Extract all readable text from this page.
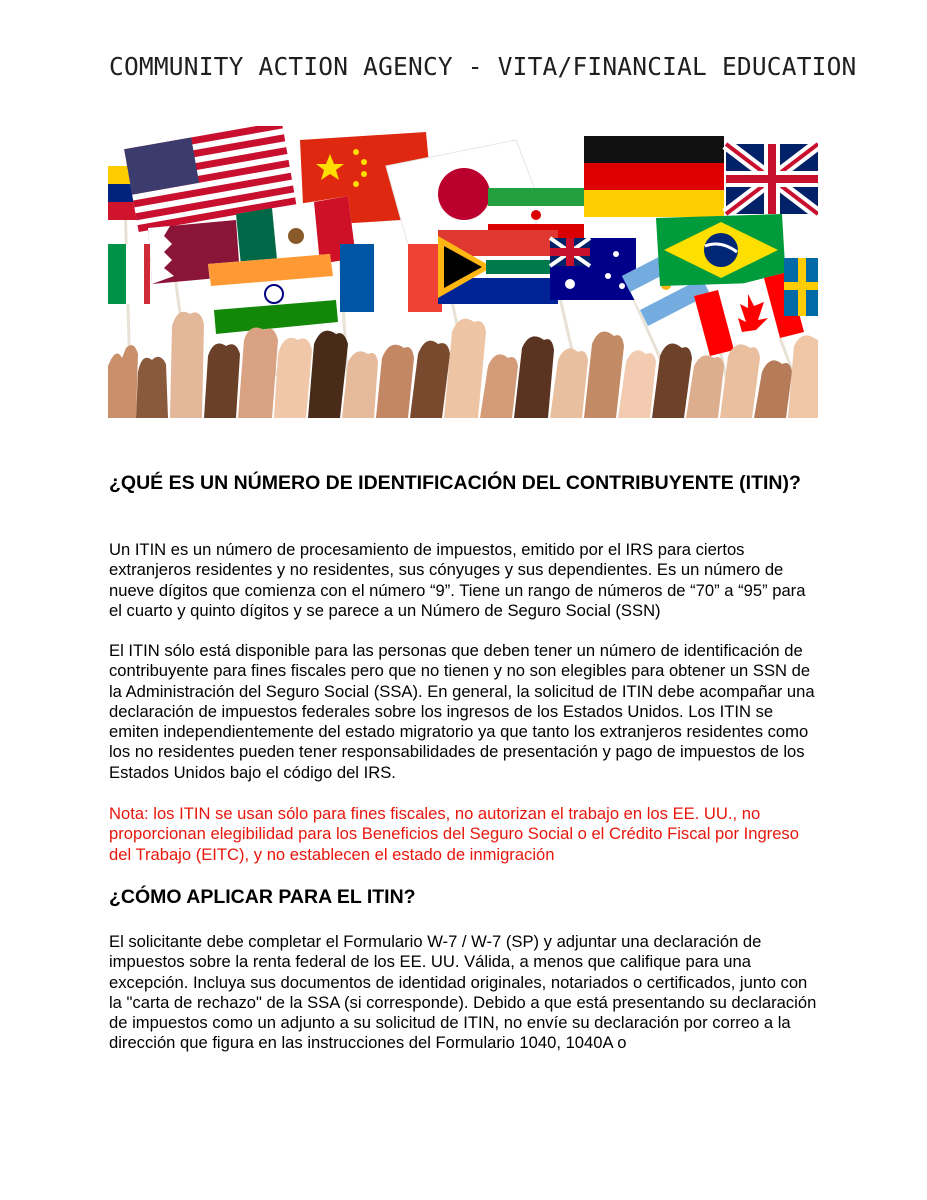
COMMUNITY ACTION AGENCY - VITA/FINANCIAL EDUCATION
¿QUÉ ES UN NÚMERO DE IDENTIFICACIÓN DEL CONTRIBUYENTE (ITIN)?

Un ITIN es un número de procesamiento de impuestos, emitido por el IRS para ciertos extranjeros residentes y no residentes, sus cónyuges y sus dependientes. Es un número de nueve dígitos que comienza con el número “9”. Tiene un rango de números de “70” a “95” para el cuarto y quinto dígitos y se parece a un Número de Seguro Social (SSN)

El ITIN sólo está disponible para las personas que deben tener un número de identificación de contribuyente para fines fiscales pero que no tienen y no son elegibles para obtener un SSN de la Administración del Seguro Social (SSA). En general, la solicitud de ITIN debe acompañar una declaración de impuestos federales sobre los ingresos de los Estados Unidos. Los ITIN se emiten independientemente del estado migratorio ya que tanto los extranjeros residentes como los no residentes pueden tener responsabilidades de presentación y pago de impuestos de los Estados Unidos bajo el código del IRS.

Nota: los ITIN se usan sólo para fines fiscales, no autorizan el trabajo en los EE. UU., no proporcionan elegibilidad para los Beneficios del Seguro Social o el Crédito Fiscal por Ingreso del Trabajo (EITC), y no establecen el estado de inmigración

¿CÓMO APLICAR PARA EL ITIN?

El solicitante debe completar el Formulario W-7 / W-7 (SP) y adjuntar una declaración de impuestos sobre la renta federal de los EE. UU. Válida, a menos que califique para una excepción. Incluya sus documentos de identidad originales, notariados o certificados, junto con la "carta de rechazo" de la SSA (si corresponde). Debido a que está presentando su declaración de impuestos como un adjunto a su solicitud de ITIN, no envíe su declaración por correo a la dirección que figura en las instrucciones del Formulario 1040, 1040A o
